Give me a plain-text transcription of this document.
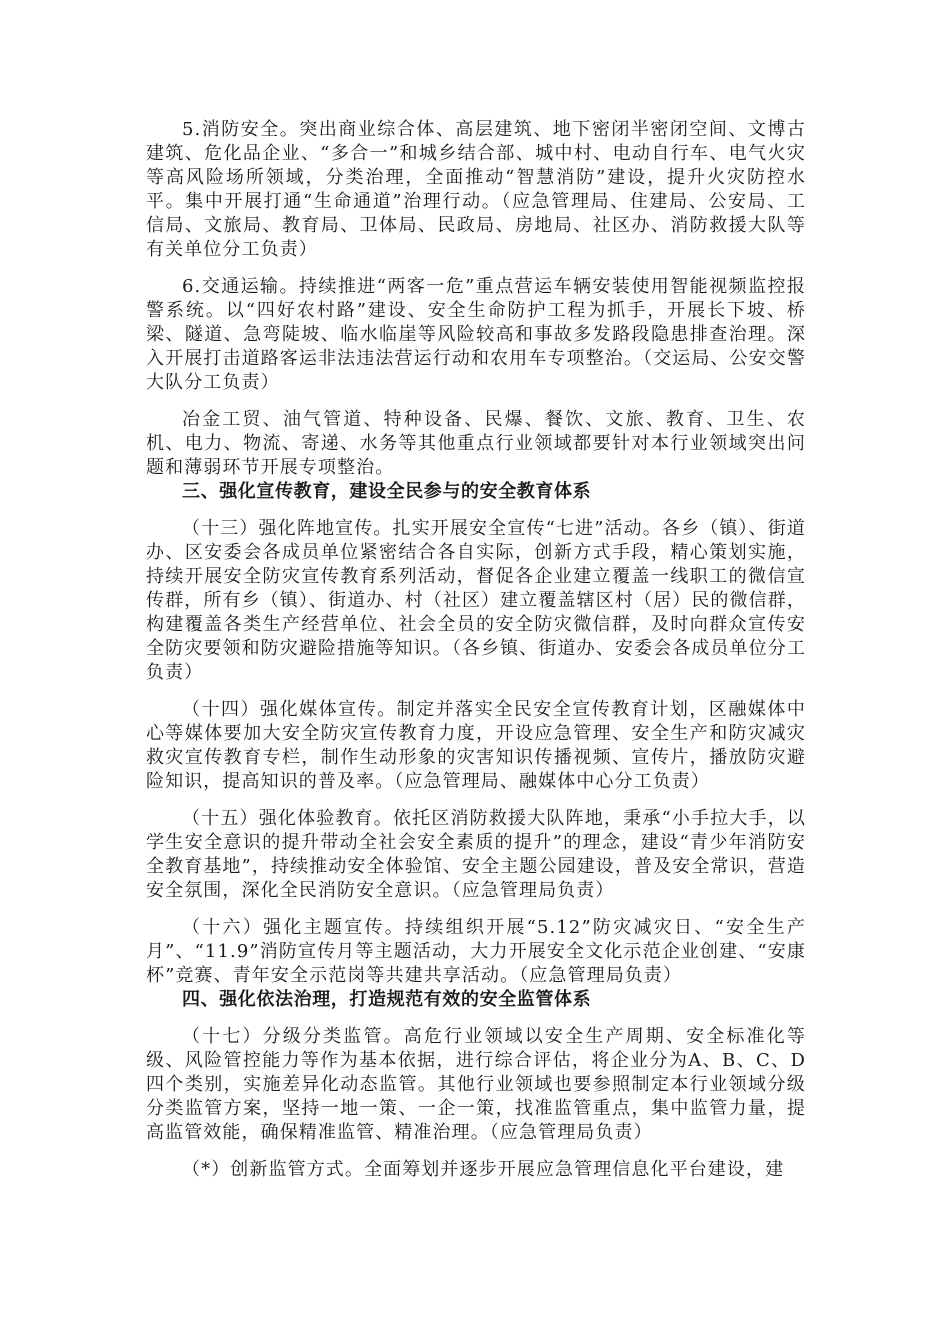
5.消防安全。突出商业综合体、高层建筑、地下密闭半密闭空间、文博古建筑、危化品企业、“多合一”和城乡结合部、城中村、电动自行车、电气火灾等高风险场所领域，分类治理，全面推动“智慧消防”建设，提升火灾防控水平。集中开展打通“生命通道”治理行动。（应急管理局、住建局、公安局、工信局、文旅局、教育局、卫体局、民政局、房地局、社区办、消防救援大队等有关单位分工负责）

6.交通运输。持续推进“两客一危”重点营运车辆安装使用智能视频监控报警系统。以“四好农村路”建设、安全生命防护工程为抓手，开展长下坡、桥梁、隧道、急弯陡坡、临水临崖等风险较高和事故多发路段隐患排查治理。深入开展打击道路客运非法违法营运行动和农用车专项整治。（交运局、公安交警大队分工负责）

冶金工贸、油气管道、特种设备、民爆、餐饮、文旅、教育、卫生、农机、电力、物流、寄递、水务等其他重点行业领域都要针对本行业领域突出问题和薄弱环节开展专项整治。

三、强化宣传教育，建设全民参与的安全教育体系

（十三）强化阵地宣传。扎实开展安全宣传“七进”活动。各乡（镇）、街道办、区安委会各成员单位紧密结合各自实际，创新方式手段，精心策划实施，持续开展安全防灾宣传教育系列活动，督促各企业建立覆盖一线职工的微信宣传群，所有乡（镇）、街道办、村（社区）建立覆盖辖区村（居）民的微信群，构建覆盖各类生产经营单位、社会全员的安全防灾微信群，及时向群众宣传安全防灾要领和防灾避险措施等知识。（各乡镇、街道办、安委会各成员单位分工负责）

（十四）强化媒体宣传。制定并落实全民安全宣传教育计划，区融媒体中心等媒体要加大安全防灾宣传教育力度，开设应急管理、安全生产和防灾减灾救灾宣传教育专栏，制作生动形象的灾害知识传播视频、宣传片，播放防灾避险知识，提高知识的普及率。（应急管理局、融媒体中心分工负责）

（十五）强化体验教育。依托区消防救援大队阵地，秉承“小手拉大手，以学生安全意识的提升带动全社会安全素质的提升”的理念，建设“青少年消防安全教育基地”，持续推动安全体验馆、安全主题公园建设，普及安全常识，营造安全氛围，深化全民消防安全意识。（应急管理局负责）

（十六）强化主题宣传。持续组织开展“5.12”防灾减灾日、“安全生产月”、“11.9”消防宣传月等主题活动，大力开展安全文化示范企业创建、“安康杯”竞赛、青年安全示范岗等共建共享活动。（应急管理局负责）

四、强化依法治理，打造规范有效的安全监管体系

（十七）分级分类监管。高危行业领域以安全生产周期、安全标准化等级、风险管控能力等作为基本依据，进行综合评估，将企业分为A、B、C、D四个类别，实施差异化动态监管。其他行业领域也要参照制定本行业领域分级分类监管方案，坚持一地一策、一企一策，找准监管重点，集中监管力量，提高监管效能，确保精准监管、精准治理。（应急管理局负责）

（*）创新监管方式。全面筹划并逐步开展应急管理信息化平台建设，建
